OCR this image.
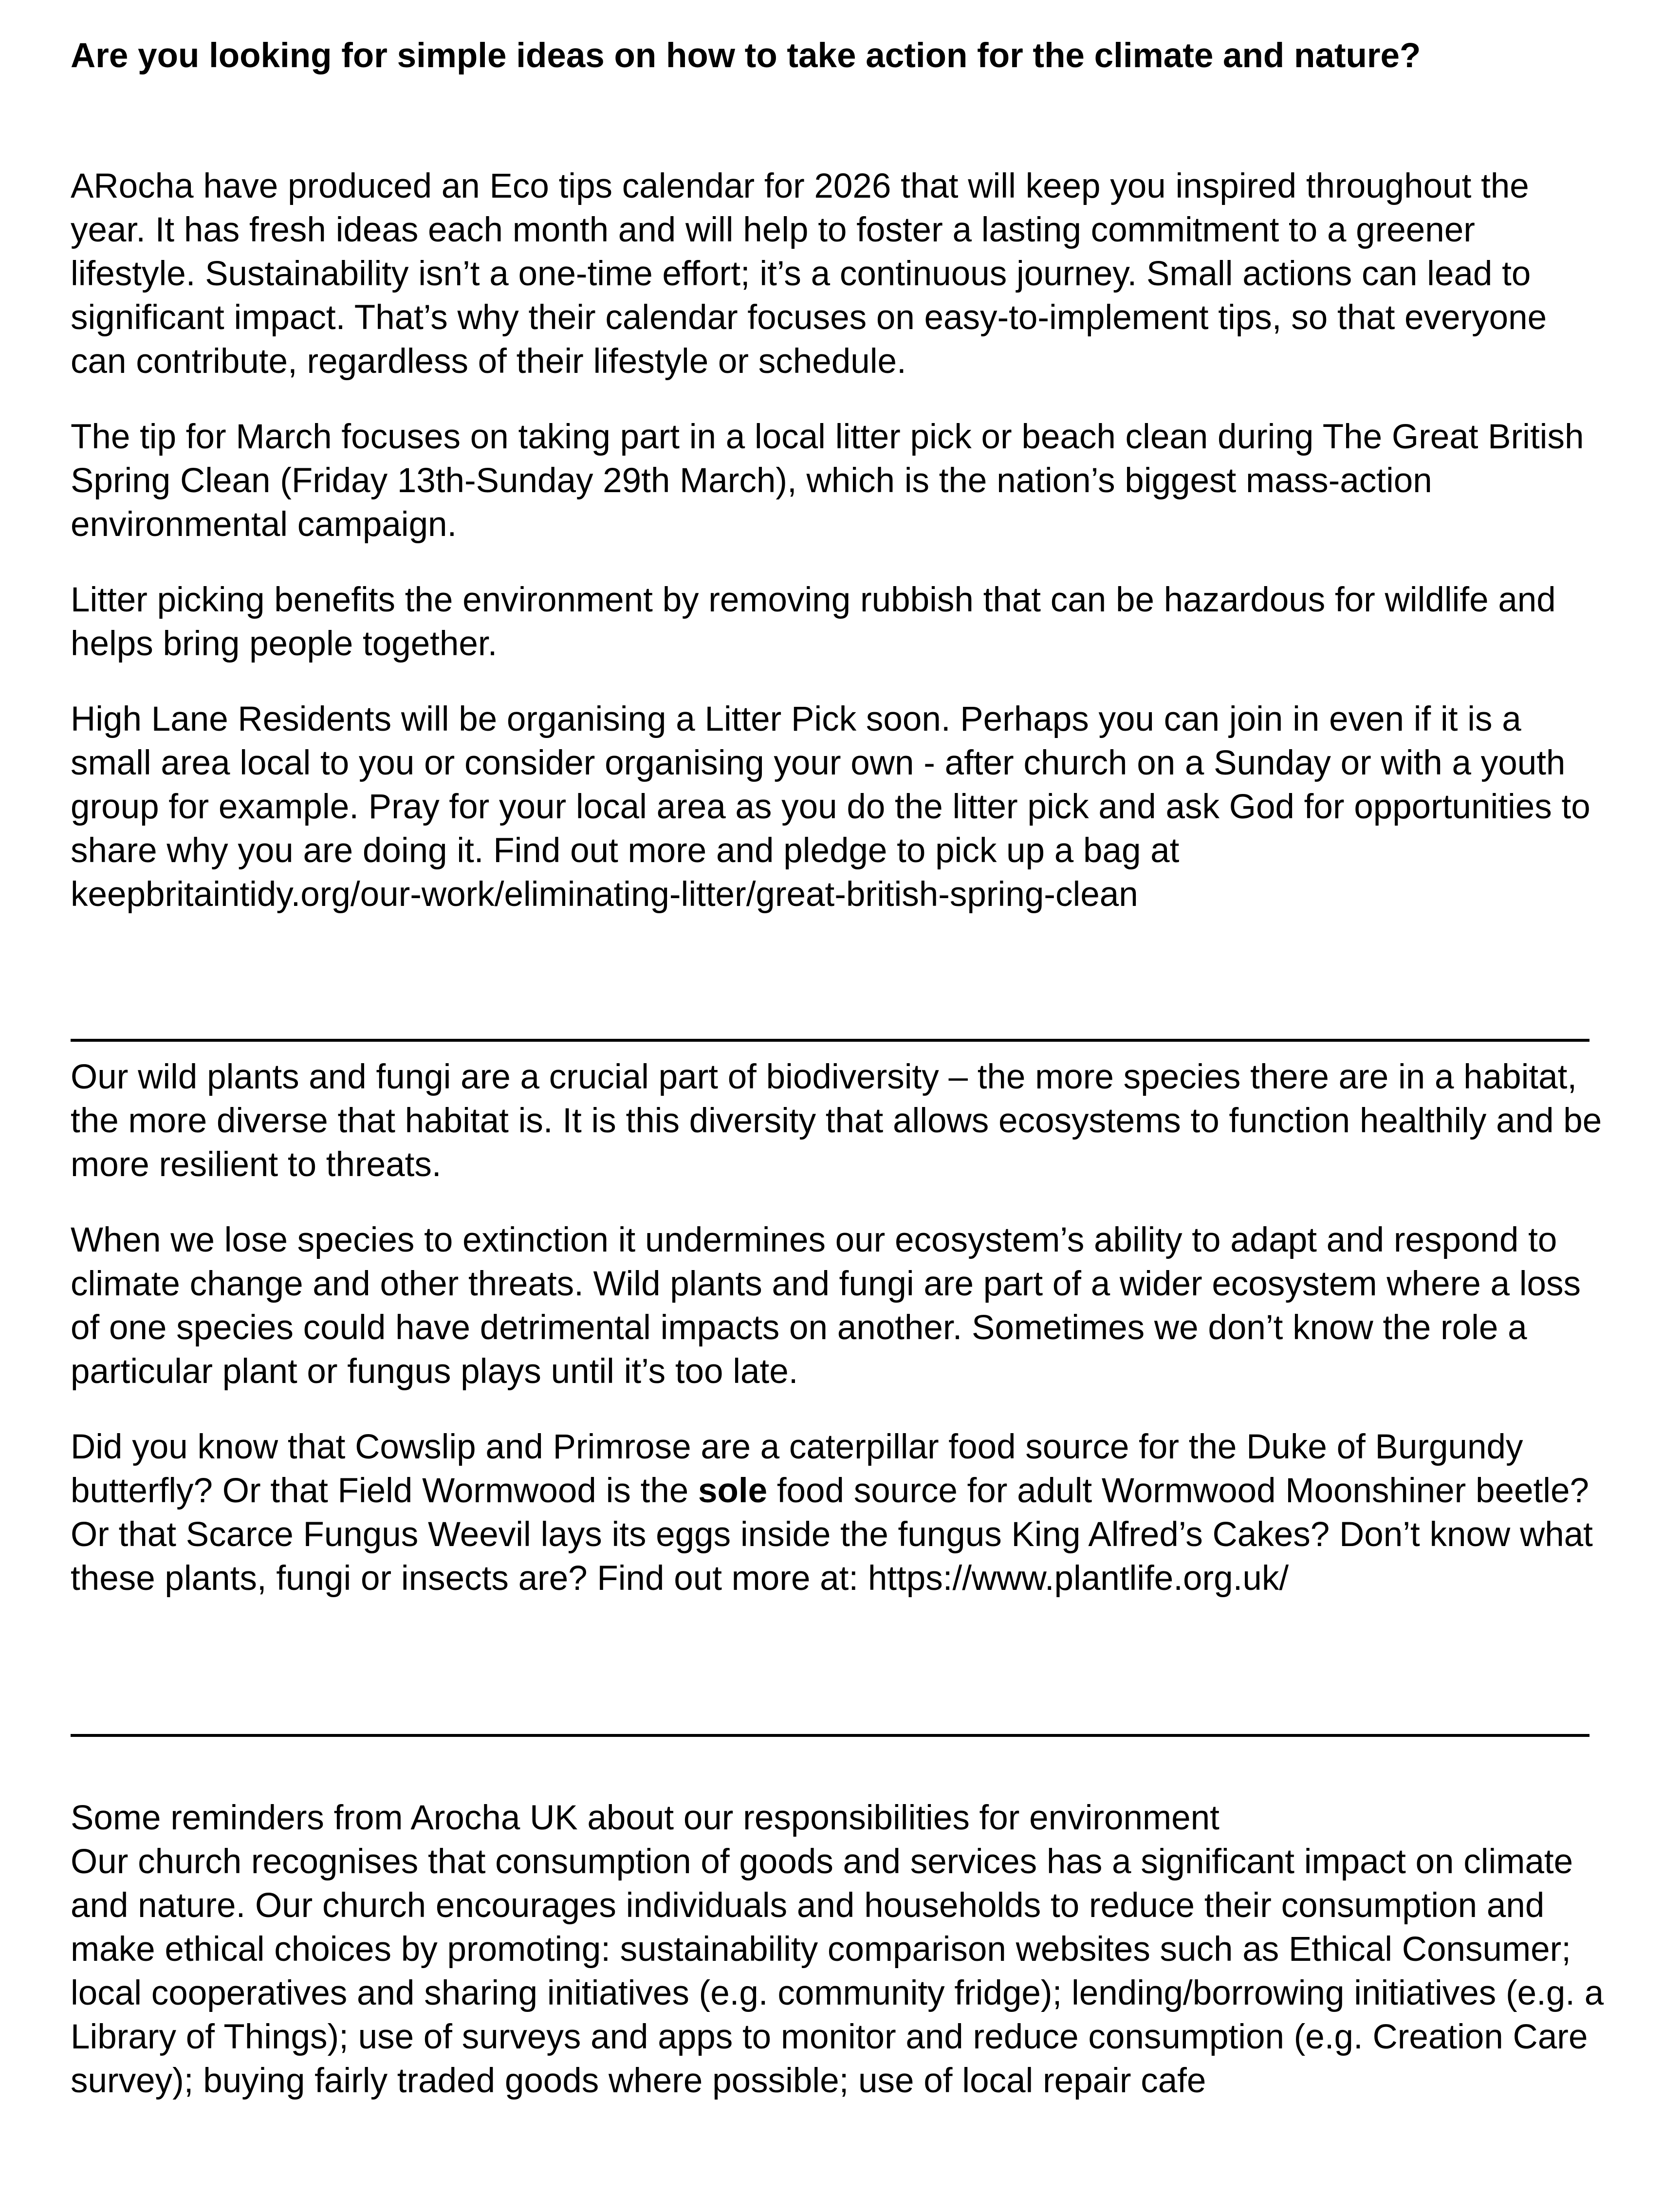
Are you looking for simple ideas on how to take action for the climate and nature?

ARocha have produced an Eco tips calendar for 2026 that will keep you inspired throughout the year. It has fresh ideas each month and will help to foster a lasting commitment to a greener lifestyle. Sustainability isn’t a one-time effort; it’s a continuous journey. Small actions can lead to significant impact. That’s why their calendar focuses on easy-to-implement tips, so that everyone can contribute, regardless of their lifestyle or schedule.

The tip for March focuses on taking part in a local litter pick or beach clean during The Great British Spring Clean (Friday 13th-Sunday 29th March), which is the nation’s biggest mass-action environmental campaign.

Litter picking benefits the environment by removing rubbish that can be hazardous for wildlife and helps bring people together.

High Lane Residents will be organising a Litter Pick soon. Perhaps you can join in even if it is a small area local to you or consider organising your own - after church on a Sunday or with a youth group for example. Pray for your local area as you do the litter pick and ask God for opportunities to share why you are doing it. Find out more and pledge to pick up a bag at

keepbritaintidy.org/our-work/eliminating-litter/great-british-spring-clean

Our wild plants and fungi are a crucial part of biodiversity – the more species there are in a habitat, the more diverse that habitat is. It is this diversity that allows ecosystems to function healthily and be more resilient to threats.

When we lose species to extinction it undermines our ecosystem’s ability to adapt and respond to climate change and other threats. Wild plants and fungi are part of a wider ecosystem where a loss of one species could have detrimental impacts on another. Sometimes we don’t know the role a particular plant or fungus plays until it’s too late.

Did you know that Cowslip and Primrose are a caterpillar food source for the Duke of Burgundy butterfly? Or that Field Wormwood is the sole food source for adult Wormwood Moonshiner beetle? Or that Scarce Fungus Weevil lays its eggs inside the fungus King Alfred’s Cakes? Don’t know what these plants, fungi or insects are? Find out more at: https://www.plantlife.org.uk/

Some reminders from Arocha UK about our responsibilities for environment

Our church recognises that consumption of goods and services has a significant impact on climate and nature. Our church encourages individuals and households to reduce their consumption and make ethical choices by promoting: sustainability comparison websites such as Ethical Consumer; local cooperatives and sharing initiatives (e.g. community fridge); lending/borrowing initiatives (e.g. a Library of Things); use of surveys and apps to monitor and reduce consumption (e.g. Creation Care survey); buying fairly traded goods where possible; use of local repair cafe
